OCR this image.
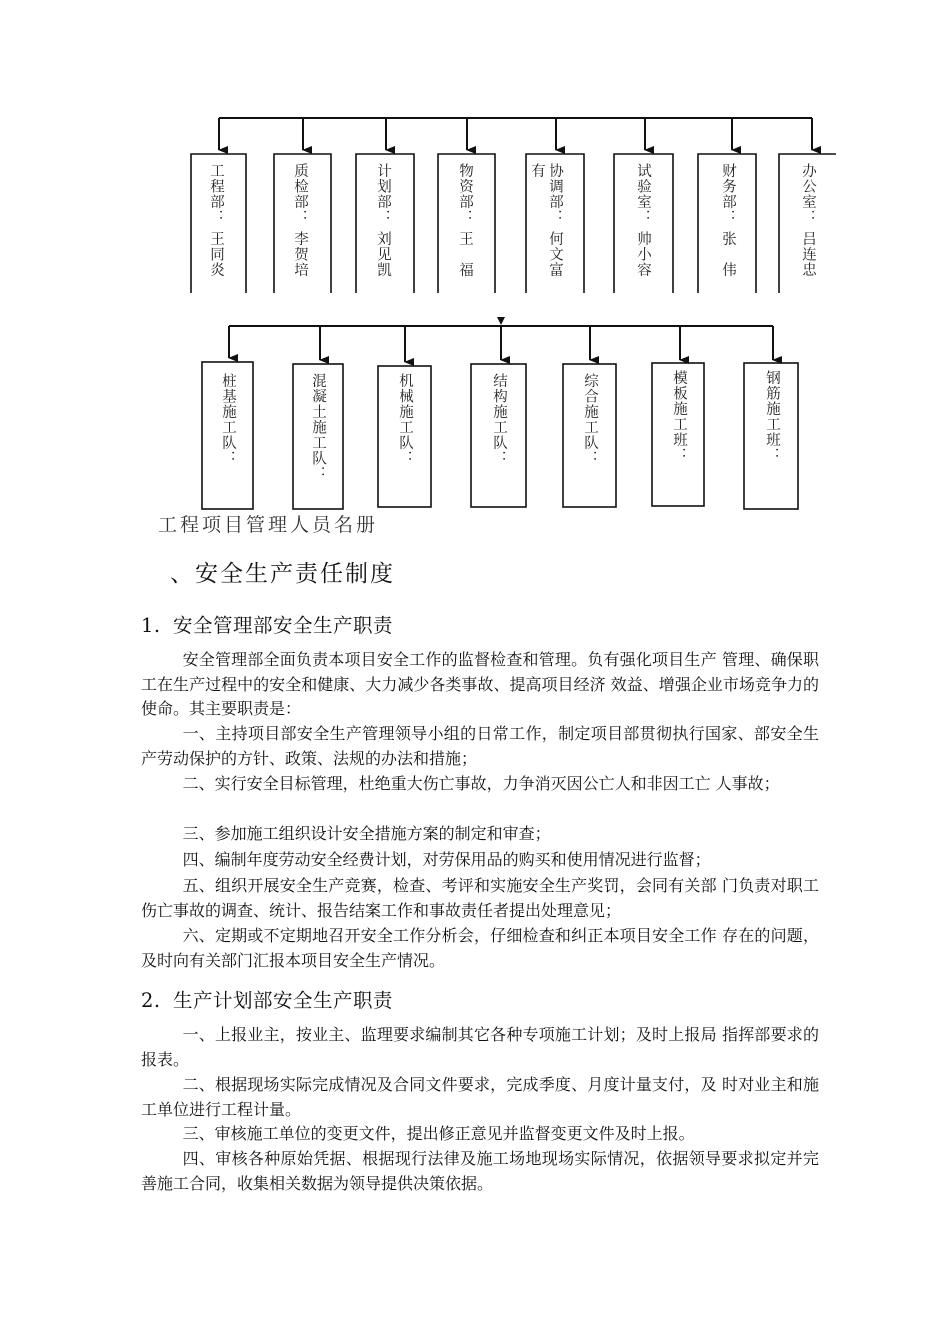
工程部：
王同炎
质检部：
李贺培
计划部：
刘见凯
物资部：
王　福
有 协调部：
何文富
试验室：
帅小容
财务部：
张　伟
办公室：
吕连忠
桩基施工队：	混凝土施工队：	机械施工队：	结构施工队：	综合施工队：	模板施工班：	钢筋施工班：
工程项目管理人员名册
、安全生产责任制度
1. 安全管理部安全生产职责
安全管理部全面负责本项目安全工作的监督检查和管理。负有强化项目生产 管理、确保职工在生产过程中的安全和健康、大力减少各类事故、提高项目经济 效益、增强企业市场竞争力的使命。其主要职责是：
一、主持项目部安全生产管理领导小组的日常工作，制定项目部贯彻执行国家、部安全生产劳动保护的方针、政策、法规的办法和措施；
二、实行安全目标管理，杜绝重大伤亡事故，力争消灭因公亡人和非因工亡 人事故；
三、参加施工组织设计安全措施方案的制定和审查；
四、编制年度劳动安全经费计划，对劳保用品的购买和使用情况进行监督；
五、组织开展安全生产竞赛，检查、考评和实施安全生产奖罚，会同有关部 门负责对职工伤亡事故的调查、统计、报告结案工作和事故责任者提出处理意见；
六、定期或不定期地召开安全工作分析会，仔细检查和纠正本项目安全工作 存在的问题，及时向有关部门汇报本项目安全生产情况。
2. 生产计划部安全生产职责
一、上报业主，按业主、监理要求编制其它各种专项施工计划；及时上报局 指挥部要求的报表。
二、根据现场实际完成情况及合同文件要求，完成季度、月度计量支付，及 时对业主和施工单位进行工程计量。
三、审核施工单位的变更文件，提出修正意见并监督变更文件及时上报。
四、审核各种原始凭据、根据现行法律及施工场地现场实际情况，依据领导要求拟定并完善施工合同，收集相关数据为领导提供决策依据。
